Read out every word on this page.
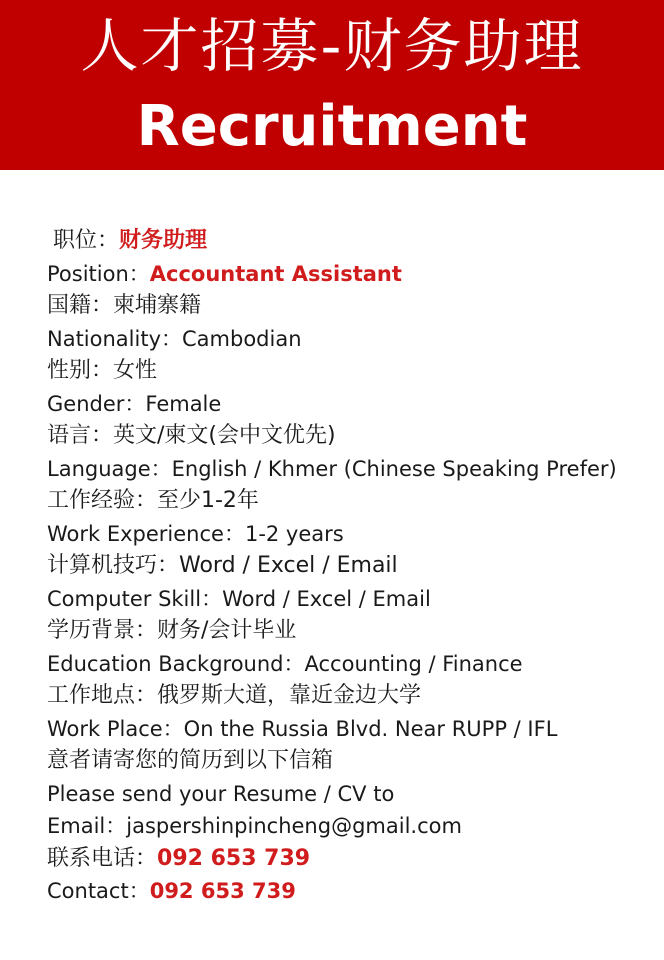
人才招募-财务助理
Recruitment
职位：财务助理
Position：Accountant Assistant
国籍：柬埔寨籍
Nationality：Cambodian
性别：女性
Gender：Female
语言：英文/柬文(会中文优先)
Language：English / Khmer (Chinese Speaking Prefer)
工作经验：至少1-2年
Work Experience：1-2 years
计算机技巧：Word / Excel / Email
Computer Skill：Word / Excel / Email
学历背景：财务/会计毕业
Education Background：Accounting / Finance
工作地点：俄罗斯大道，靠近金边大学
Work Place：On the Russia Blvd. Near RUPP / IFL
意者请寄您的简历到以下信箱
Please send your Resume / CV to
Email：jaspershinpincheng@gmail.com
联系电话：092 653 739
Contact：092 653 739
